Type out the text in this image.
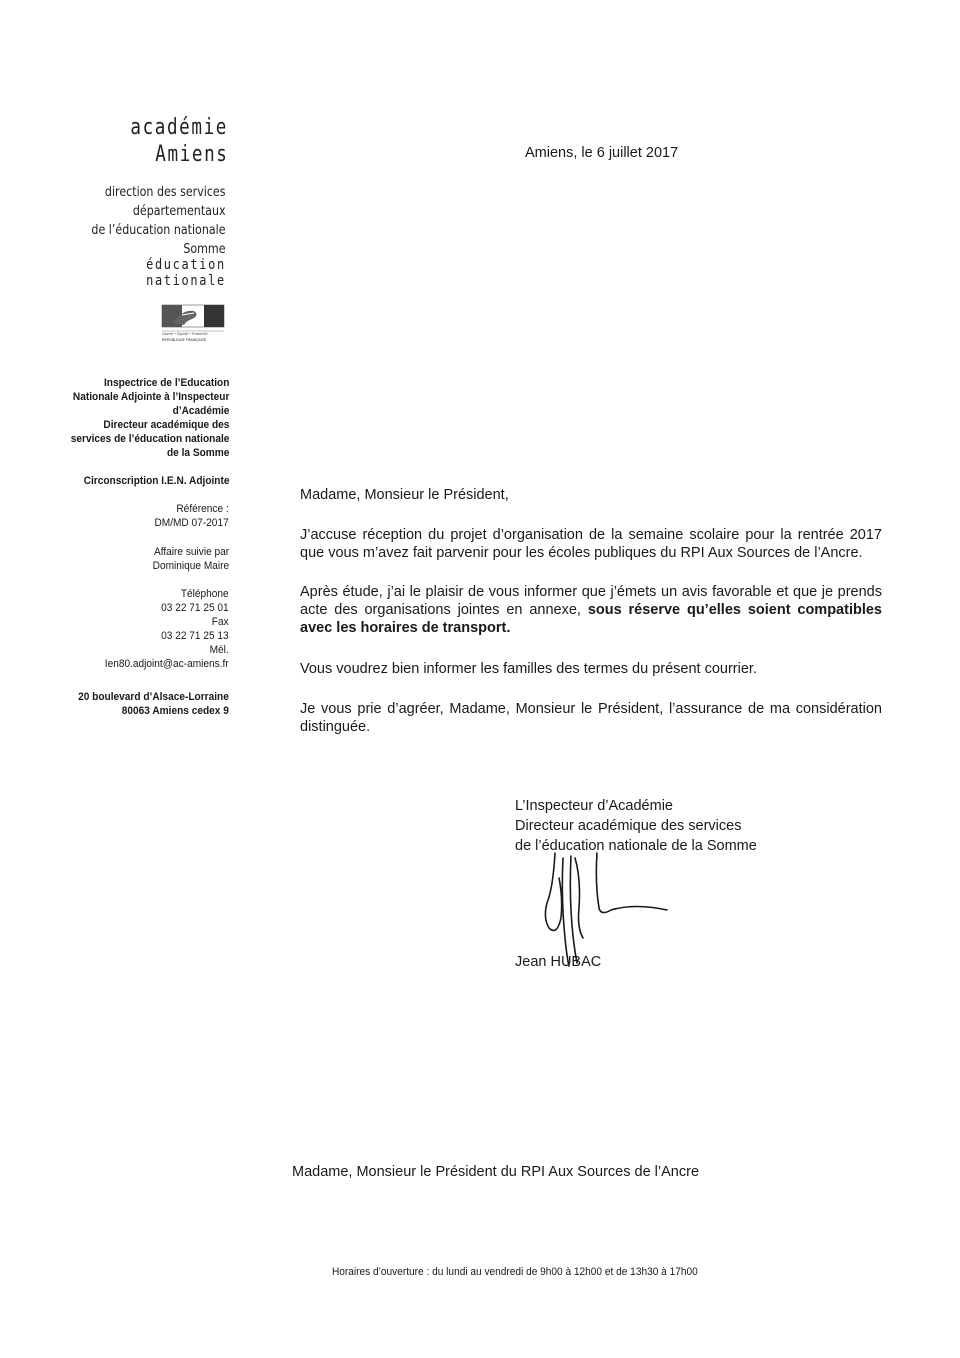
académie
Amiens
direction des services
départementaux
de l’éducation nationale
Somme
éducation
nationale
Liberté • Égalité • Fraternité
RÉPUBLIQUE FRANÇAISE
Inspectrice de l’Education
Nationale Adjointe à l’Inspecteur
d’Académie
Directeur académique des
services de l’éducation nationale
de la Somme
Circonscription I.E.N. Adjointe
Référence :
DM/MD 07-2017
Affaire suivie par
Dominique Maire
Téléphone
03 22 71 25 01
Fax
03 22 71 25 13
Mél.
Ien80.adjoint@ac-amiens.fr
20 boulevard d’Alsace-Lorraine
80063 Amiens cedex 9
Amiens, le 6 juillet 2017
Madame, Monsieur le Président,
J’accuse réception du projet d’organisation de la semaine scolaire pour la rentrée 2017 que vous m’avez fait parvenir pour les écoles publiques du RPI Aux Sources de l’Ancre.
Après étude, j’ai le plaisir de vous informer que j’émets un avis favorable et que je prends acte des organisations jointes en annexe, sous réserve qu’elles soient compatibles avec les horaires de transport.
Vous voudrez bien informer les familles des termes du présent courrier.
Je vous prie d’agréer, Madame, Monsieur le Président, l’assurance de ma considération distinguée.
L’Inspecteur d’Académie
Directeur académique des services
de l’éducation nationale de la Somme
Jean HUBAC
Madame, Monsieur le Président du RPI Aux Sources de l’Ancre
Horaires d’ouverture : du lundi au vendredi de 9h00 à 12h00 et de 13h30 à 17h00
